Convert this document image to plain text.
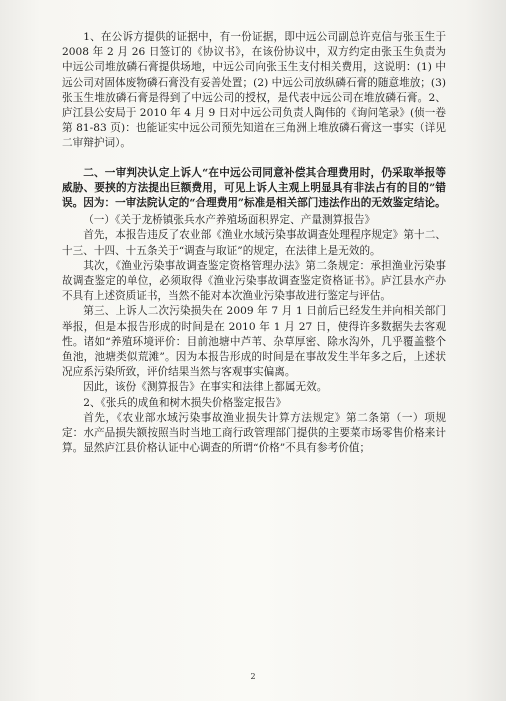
1、在公诉方提供的证据中，有一份证据，即中远公司副总许克信与张玉生于 2008 年 2 月 26 日签订的《协议书》，在该份协议中，双方约定由张玉生负责为中远公司堆放磷石膏提供场地，中远公司向张玉生支付相关费用，这说明：(1) 中远公司对固体废物磷石膏没有妥善处置；(2) 中远公司放纵磷石膏的随意堆放；(3) 张玉生堆放磷石膏是得到了中远公司的授权，是代表中远公司在堆放磷石膏。2、庐江县公安局于 2010 年 4 月 9 日对中远公司负责人陶伟的《询问笔录》(侦一卷第 81-83 页)：也能证实中远公司预先知道在三角洲上堆放磷石膏这一事实（详见二审辩护词）。

二、一审判决认定上诉人“在中远公司同意补偿其合理费用时，仍采取举报等威胁、要挟的方法提出巨额费用，可见上诉人主观上明显具有非法占有的目的”错误。因为：一审法院认定的“合理费用”标准是相关部门违法作出的无效鉴定结论。

（一）《关于龙桥镇张兵水产养殖场面积界定、产量测算报告》

首先，本报告违反了农业部《渔业水域污染事故调查处理程序规定》第十二、十三、十四、十五条关于“调查与取证”的规定，在法律上是无效的。

其次，《渔业污染事故调查鉴定资格管理办法》第二条规定：承担渔业污染事故调查鉴定的单位，必须取得《渔业污染事故调查鉴定资格证书》。庐江县水产办不具有上述资质证书，当然不能对本次渔业污染事故进行鉴定与评估。

第三、上诉人二次污染损失在 2009 年 7 月 1 日前后已经发生并向相关部门举报，但是本报告形成的时间是在 2010 年 1 月 27 日，使得许多数据失去客观性。诸如“养殖环境评价：目前池塘中芦苇、杂草厚密、除水沟外，几乎覆盖整个鱼池，池塘类似荒滩”。因为本报告形成的时间是在事故发生半年多之后，上述状况应系污染所致，评价结果当然与客观事实偏离。

因此，该份《测算报告》在事实和法律上都属无效。

2、《张兵的成鱼和树木损失价格鉴定报告》

首先，《农业部水域污染事故渔业损失计算方法规定》第二条第（一）项规定：水产品损失额按照当时当地工商行政管理部门提供的主要菜市场零售价格来计算。显然庐江县价格认证中心调查的所谓“价格”不具有参考价值；

2
